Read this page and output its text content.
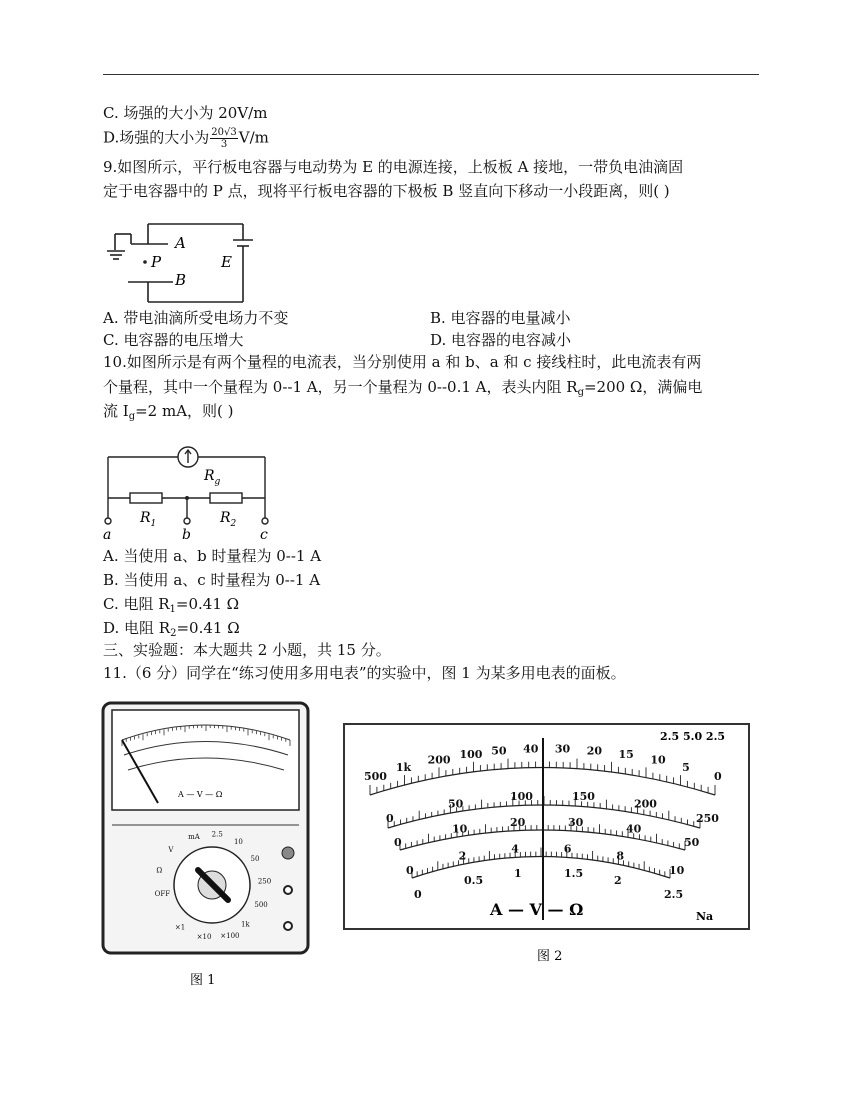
C. 场强的大小为 20V/m
D.场强的大小为 $\frac{20√3}{3} V/m$
9.如图所示，平行板电容器与电动势为 E 的电源连接，上板板 A 接地，一带负电油滴固
定于电容器中的 P 点，现将平行板电容器的下极板 B 竖直向下移动一小段距离，则( )
A
P
B
E
A. 带电油滴所受电场力不变	B. 电容器的电量减小
C. 电容器的电压增大	D. 电容器的电容减小
10.如图所示是有两个量程的电流表，当分别使用 a 和 b、a 和 c 接线柱时，此电流表有两
个量程，其中一个量程为 0--1 A，另一个量程为 0--0.1 A，表头内阻 $R_g=200$ Ω，满偏电
流 $I_g=2$ mA，则( )
$R_g$
$R_1$	$R_2$
a	b	c
A. 当使用 a、b 时量程为 0--1 A
B. 当使用 a、c 时量程为 0--1 A
C. 电阻 $R_1=0.41$ Ω
D. 电阻 $R_2=0.41$ Ω
三、实验题：本大题共 2 小题，共 15 分。
11.（6 分）同学在“练习使用多用电表”的实验中，图 1 为某多用电表的面板。
A — V — Ω
OFF
Ω
V
mA 2.5
10
50
250
500
1k
×100
×10
×1
图 1
500
1k
200 100 50 40 30 20 15 10
5
0
0
50
100	150
200
250
0
10
20	30
40
50
0
2
4	6
8
10
0
0.5
1	1.5
2
2.5
A — V — Ω	Na
2.5 5.0 2.5
图 2
